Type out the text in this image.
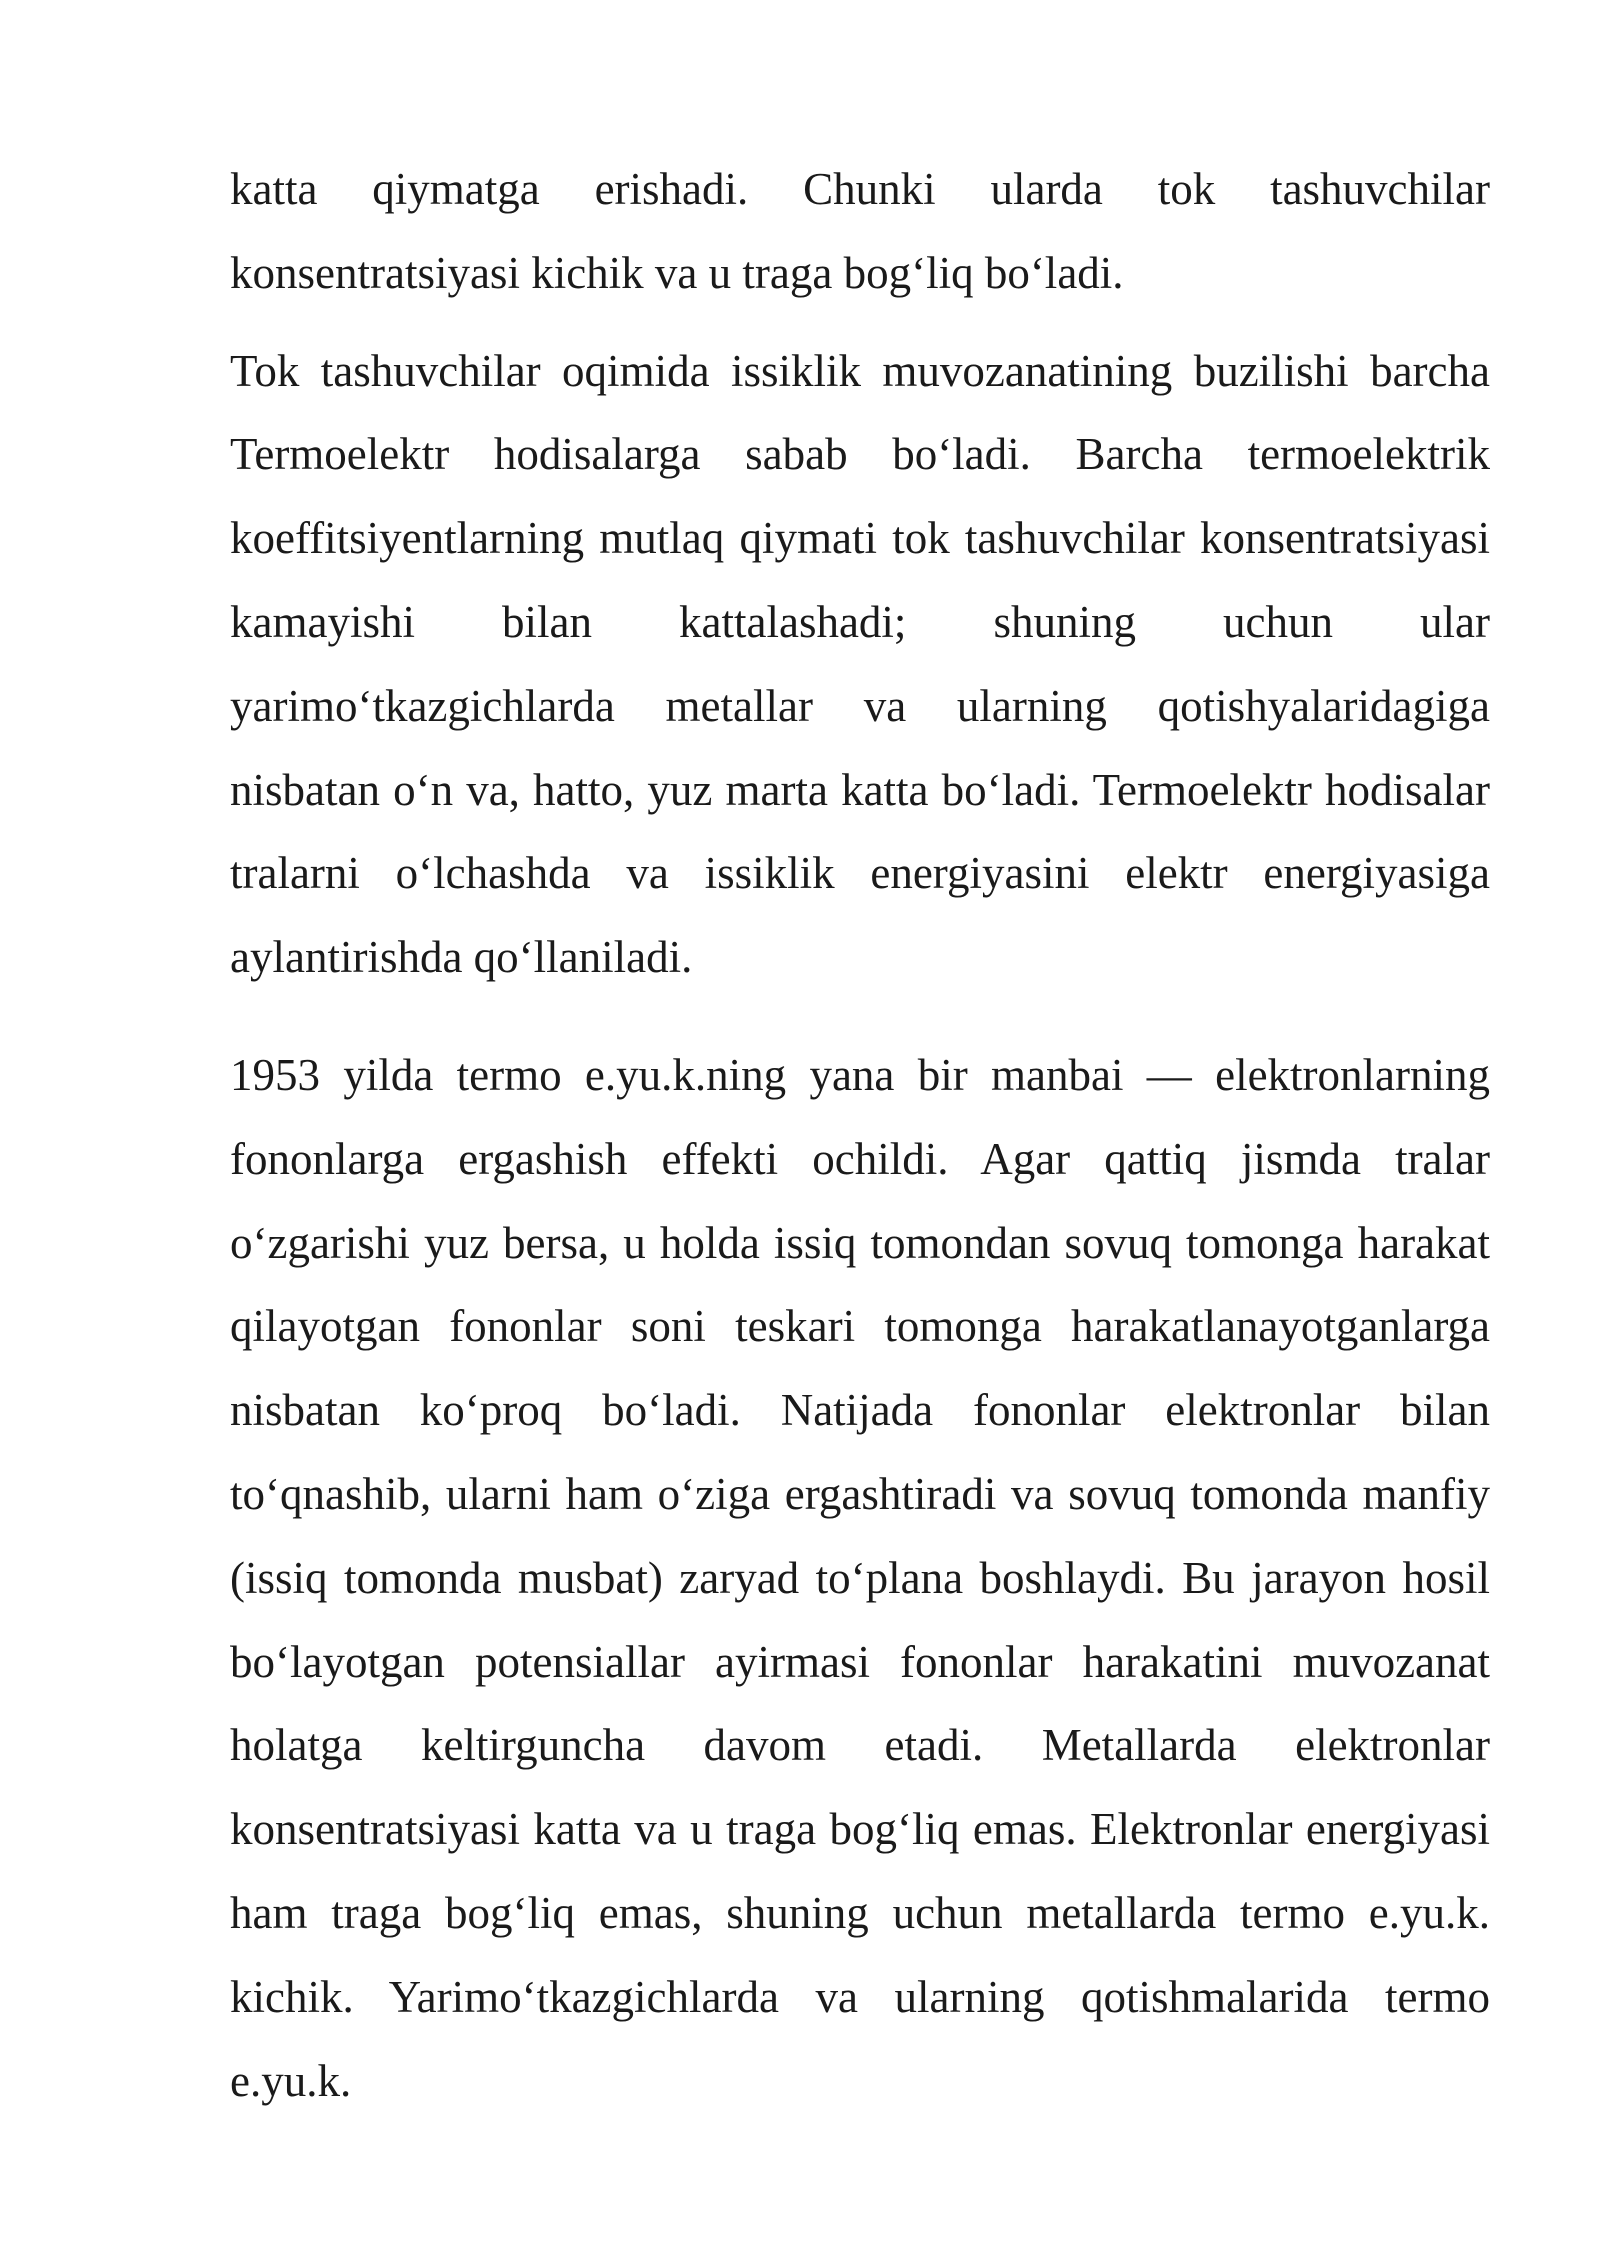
katta qiymatga erishadi. Chunki ularda tok tashuvchilar konsentratsiyasi kichik va u traga bog‘liq bo‘ladi.

Tok tashuvchilar oqimida issiklik muvozanatining buzilishi barcha Termoelektr hodisalarga sabab bo‘ladi. Barcha termoelektrik koeffitsiyentlarning mutlaq qiymati tok tashuvchilar konsentratsiyasi kamayishi bilan kattalashadi; shuning uchun ular yarimo‘tkazgichlarda metallar va ularning qotishyalaridagiga nisbatan o‘n va, hatto, yuz marta katta bo‘ladi. Termoelektr hodisalar tralarni o‘lchashda va issiklik energiyasini elektr energiyasiga aylantirishda qo‘llaniladi.

1953 yilda termo e.yu.k.ning yana bir manbai — elektronlarning fononlarga ergashish effekti ochildi. Agar qattiq jismda tralar o‘zgarishi yuz bersa, u holda issiq tomondan sovuq tomonga harakat qilayotgan fononlar soni teskari tomonga harakatlanayotganlarga nisbatan ko‘proq bo‘ladi. Natijada fononlar elektronlar bilan to‘qnashib, ularni ham o‘ziga ergashtiradi va sovuq tomonda manfiy (issiq tomonda musbat) zaryad to‘plana boshlaydi. Bu jarayon hosil bo‘layotgan potensiallar ayirmasi fononlar harakatini muvozanat holatga keltirguncha davom etadi. Metallarda elektronlar konsentratsiyasi katta va u traga bog‘liq emas. Elektronlar energiyasi ham traga bog‘liq emas, shuning uchun metallarda termo e.yu.k. kichik. Yarimo‘tkazgichlarda va ularning qotishmalarida termo e.yu.k.
